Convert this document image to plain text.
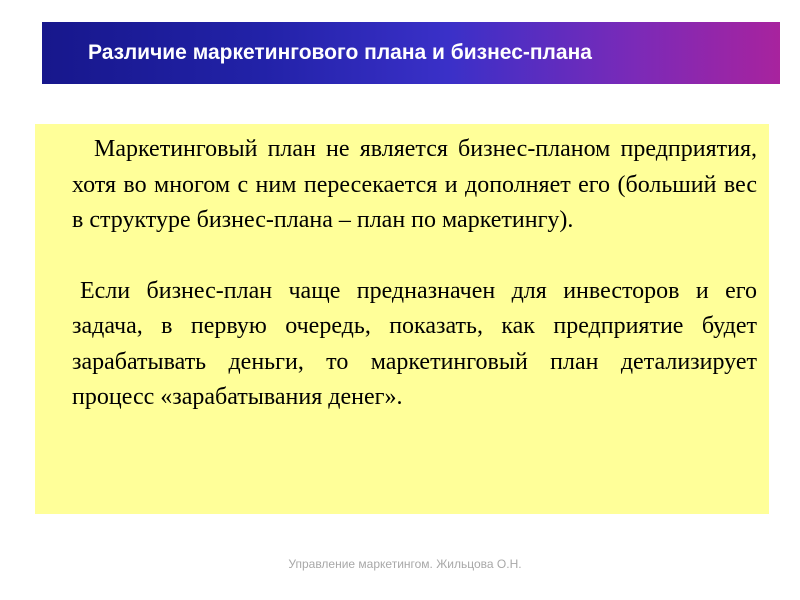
Различие маркетингового плана и бизнес-плана

Маркетинговый план не является бизнес-планом предприятия, хотя во многом с ним пересекается и дополняет его (больший вес в структуре бизнес-плана – план по маркетингу).

Если бизнес-план чаще предназначен для инвесторов и его задача, в первую очередь, показать, как предприятие будет зарабатывать деньги, то маркетинговый план детализирует процесс «зарабатывания денег».

Управление маркетингом. Жильцова О.Н.
